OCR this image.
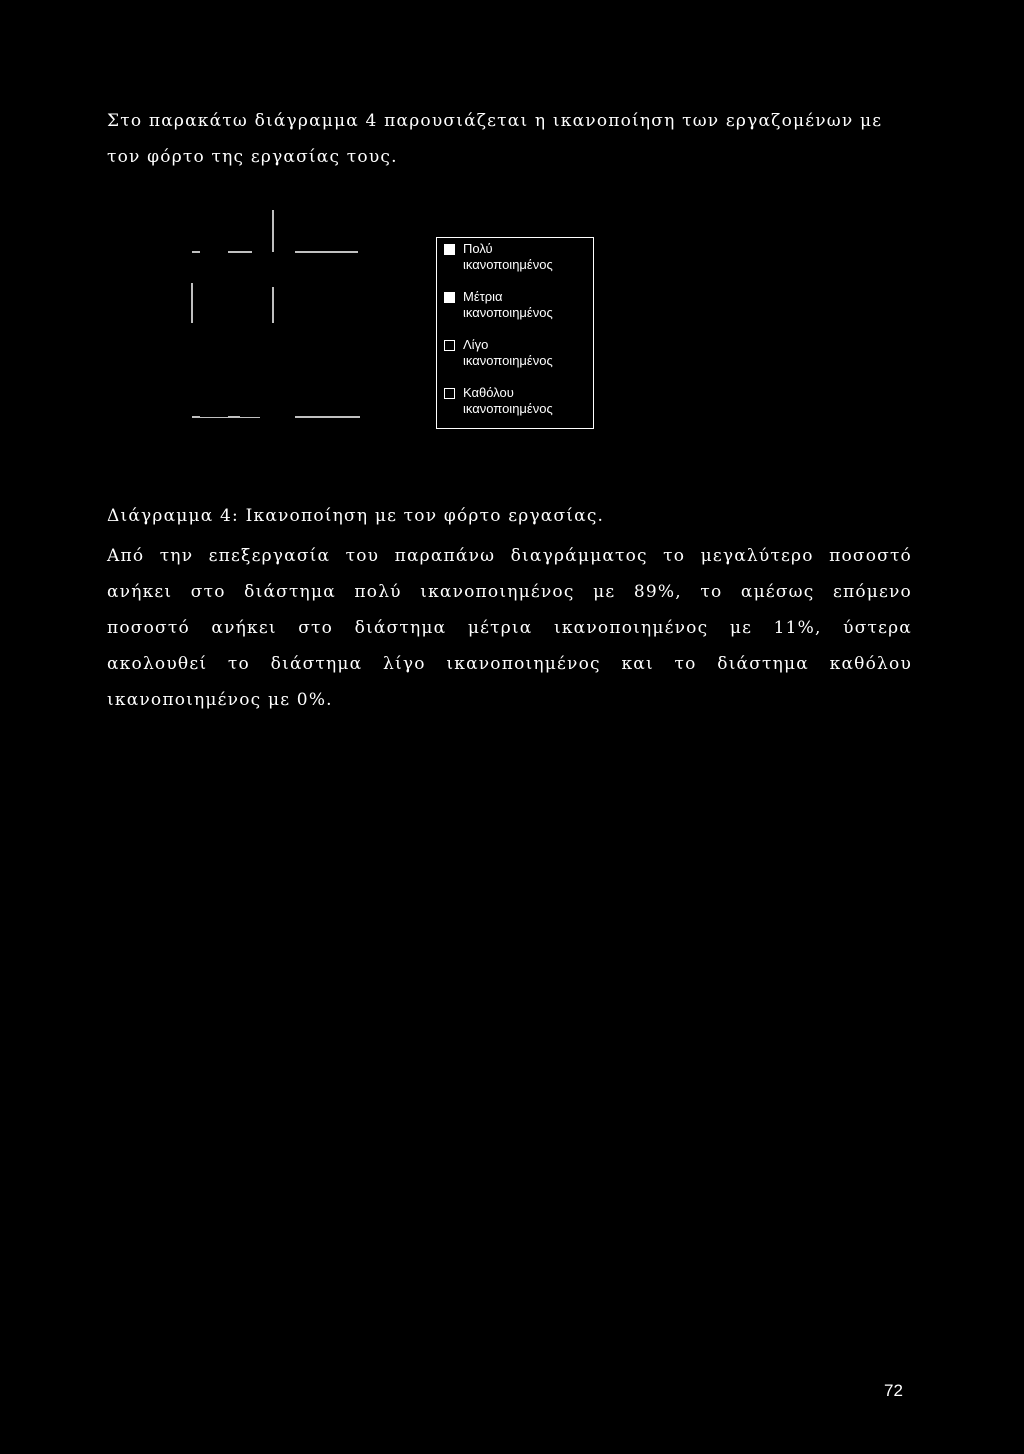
Στο παρακάτω διάγραμμα 4 παρουσιάζεται η ικανοποίηση των εργαζομένων με τον φόρτο της εργασίας τους.

Πολύ
ικανοποιημένος
Μέτρια
ικανοποιημένος
Λίγο
ικανοποιημένος
Καθόλου
ικανοποιημένος

Διάγραμμα 4: Ικανοποίηση με τον φόρτο εργασίας.

Από την επεξεργασία του παραπάνω διαγράμματος το μεγαλύτερο ποσοστό
ανήκει στο διάστημα πολύ ικανοποιημένος με 89%, το αμέσως επόμενο
ποσοστό ανήκει στο διάστημα μέτρια ικανοποιημένος με 11%, ύστερα
ακολουθεί το διάστημα λίγο ικανοποιημένος και το διάστημα καθόλου
ικανοποιημένος με 0%.

72
